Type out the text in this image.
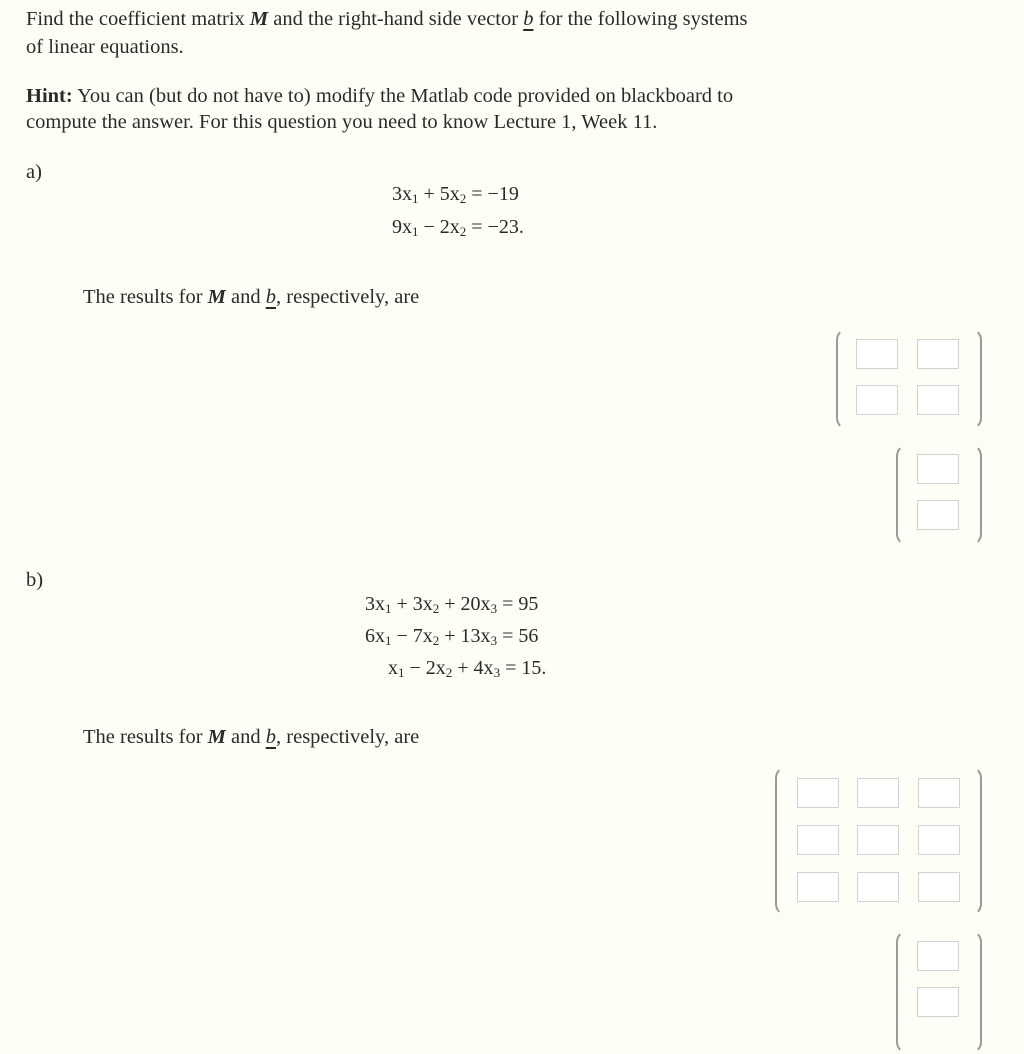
Find the coefficient matrix M and the right-hand side vector b for the following systems
of linear equations.
Hint: You can (but do not have to) modify the Matlab code provided on blackboard to
compute the answer. For this question you need to know Lecture 1, Week 11.
a)
$3x_1 + 5x_2 = -19$
$9x_1 - 2x_2 = -23$.
The results for M and b, respectively, are
b)
$3x_1 + 3x_2 + 20x_3 = 95$
$6x_1 - 7x_2 + 13x_3 = 56$
$x_1 - 2x_2 + 4x_3 = 15$.
The results for M and b, respectively, are
